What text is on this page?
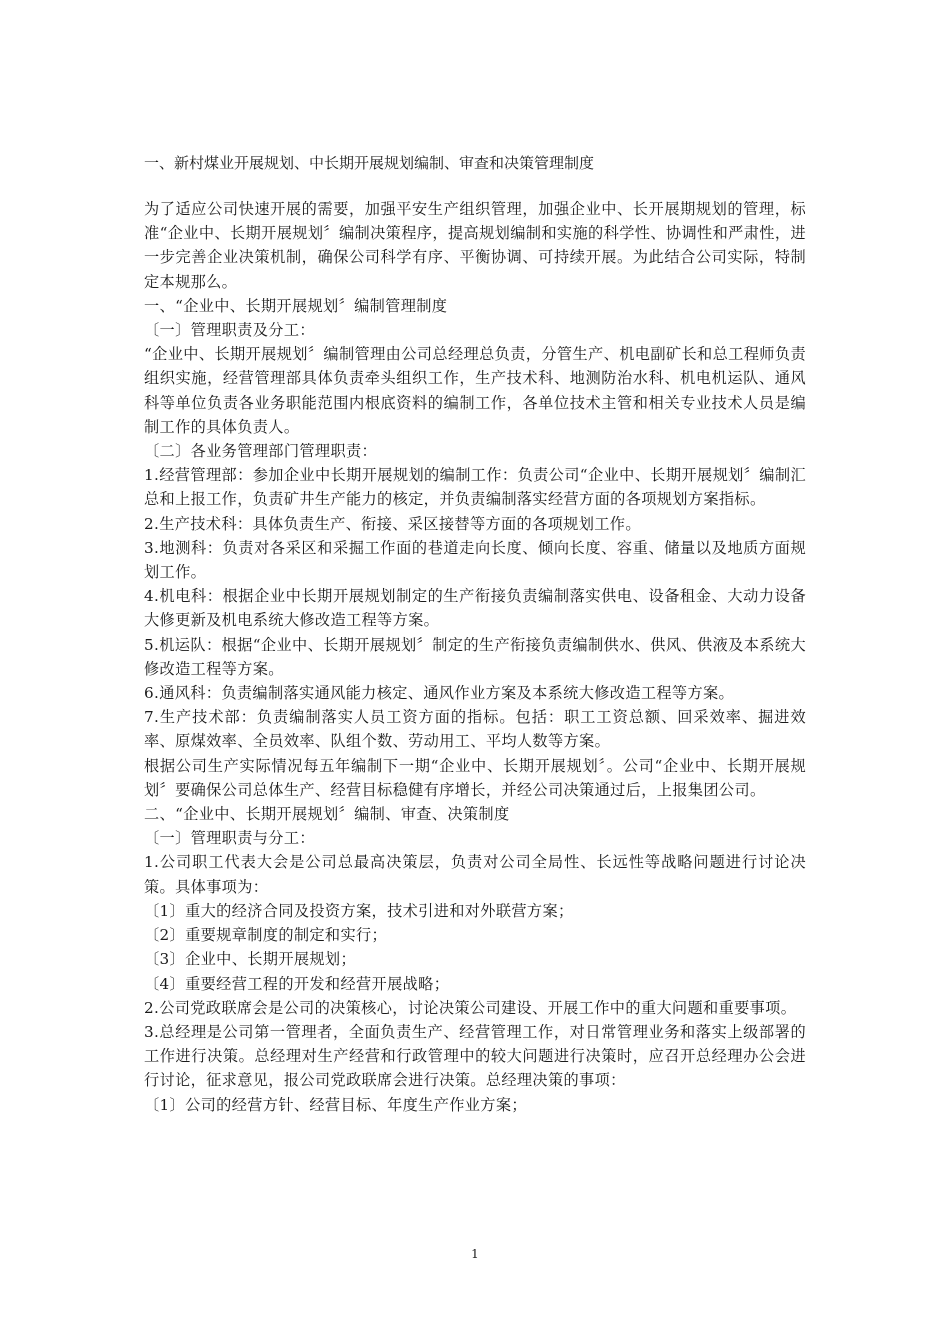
一、新村煤业开展规划、中长期开展规划编制、审查和决策管理制度

为了适应公司快速开展的需要，加强平安生产组织管理，加强企业中、长开展期规划的管理，标准“企业中、长期开展规划〞编制决策程序，提高规划编制和实施的科学性、协调性和严肃性，进一步完善企业决策机制，确保公司科学有序、平衡协调、可持续开展。为此结合公司实际，特制定本规那么。

一、“企业中、长期开展规划〞编制管理制度

〔一〕管理职责及分工：

“企业中、长期开展规划〞编制管理由公司总经理总负责，分管生产、机电副矿长和总工程师负责组织实施，经营管理部具体负责牵头组织工作，生产技术科、地测防治水科、机电机运队、通风科等单位负责各业务职能范围内根底资料的编制工作，各单位技术主管和相关专业技术人员是编制工作的具体负责人。

〔二〕各业务管理部门管理职责：

1.经营管理部：参加企业中长期开展规划的编制工作：负责公司“企业中、长期开展规划〞编制汇总和上报工作，负责矿井生产能力的核定，并负责编制落实经营方面的各项规划方案指标。

2.生产技术科：具体负责生产、衔接、采区接替等方面的各项规划工作。

3.地测科：负责对各采区和采掘工作面的巷道走向长度、倾向长度、容重、储量以及地质方面规划工作。

4.机电科：根据企业中长期开展规划制定的生产衔接负责编制落实供电、设备租金、大动力设备大修更新及机电系统大修改造工程等方案。

5.机运队：根据“企业中、长期开展规划〞制定的生产衔接负责编制供水、供风、供液及本系统大修改造工程等方案。

6.通风科：负责编制落实通风能力核定、通风作业方案及本系统大修改造工程等方案。

7.生产技术部：负责编制落实人员工资方面的指标。包括：职工工资总额、回采效率、掘进效率、原煤效率、全员效率、队组个数、劳动用工、平均人数等方案。

根据公司生产实际情况每五年编制下一期“企业中、长期开展规划〞。公司“企业中、长期开展规划〞要确保公司总体生产、经营目标稳健有序增长，并经公司决策通过后，上报集团公司。

二、“企业中、长期开展规划〞编制、审查、决策制度

〔一〕管理职责与分工：

1.公司职工代表大会是公司总最高决策层，负责对公司全局性、长远性等战略问题进行讨论决策。具体事项为：

〔1〕重大的经济合同及投资方案，技术引进和对外联营方案；

〔2〕重要规章制度的制定和实行；

〔3〕企业中、长期开展规划；

〔4〕重要经营工程的开发和经营开展战略；

2.公司党政联席会是公司的决策核心，讨论决策公司建设、开展工作中的重大问题和重要事项。

3.总经理是公司第一管理者，全面负责生产、经营管理工作，对日常管理业务和落实上级部署的工作进行决策。总经理对生产经营和行政管理中的较大问题进行决策时，应召开总经理办公会进行讨论，征求意见，报公司党政联席会进行决策。总经理决策的事项：

〔1〕公司的经营方针、经营目标、年度生产作业方案；

1
